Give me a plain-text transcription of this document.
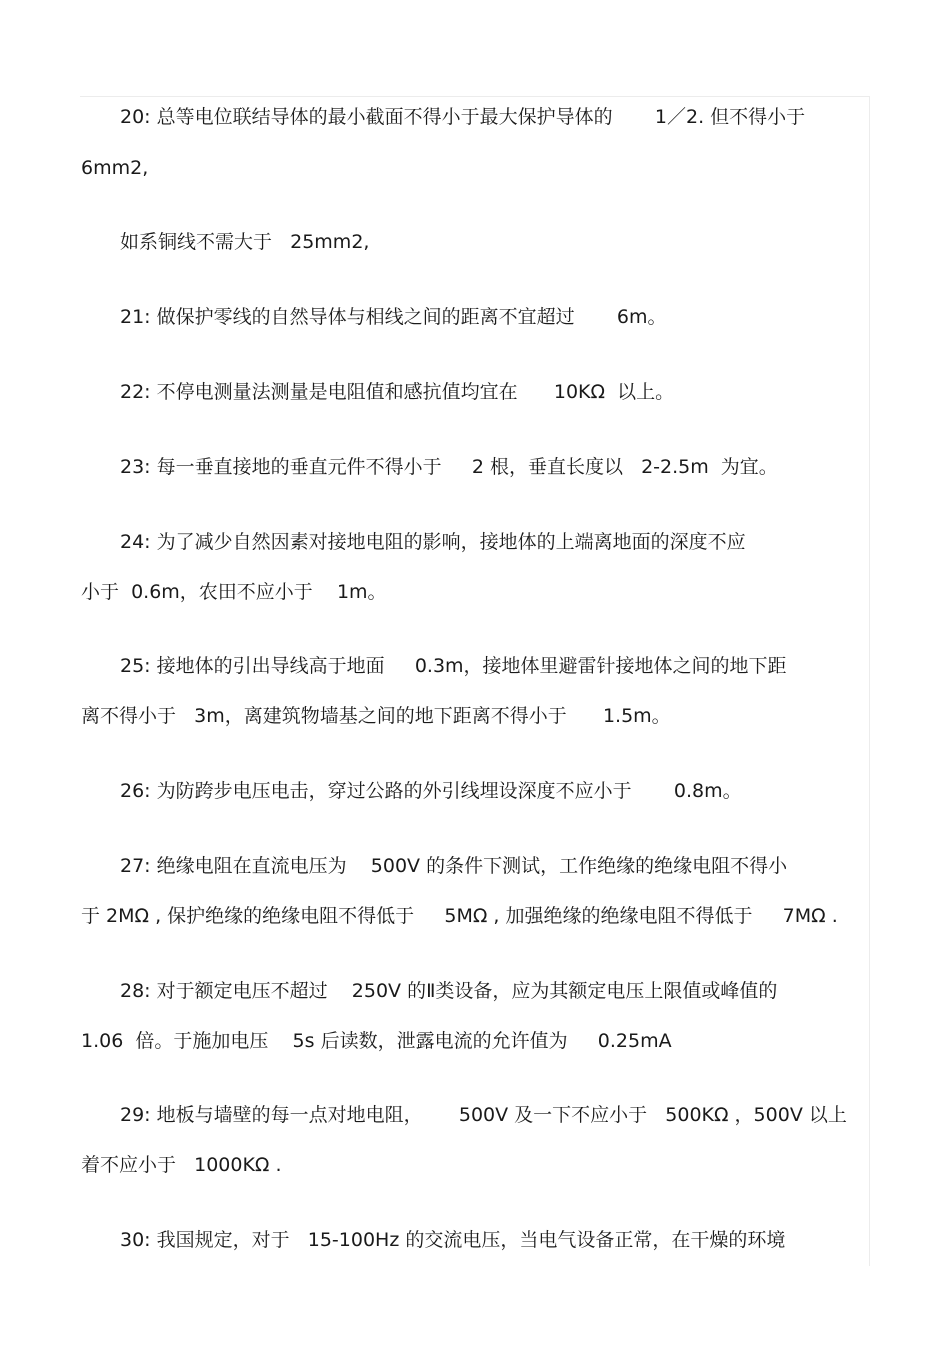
20: 总等电位联结导体的最小截面不得小于最大保护导体的       1／2. 但不得小于
6mm2,
如系铜线不需大于   25mm2,
21: 做保护零线的自然导体与相线之间的距离不宜超过       6m。
22: 不停电测量法测量是电阻值和感抗值均宜在      10KΩ  以上。
23: 每一垂直接地的垂直元件不得小于     2 根，垂直长度以   2-2.5m  为宜。
24: 为了减少自然因素对接地电阻的影响，接地体的上端离地面的深度不应
小于  0.6m，农田不应小于    1m。
25: 接地体的引出导线高于地面     0.3m，接地体里避雷针接地体之间的地下距
离不得小于   3m，离建筑物墙基之间的地下距离不得小于      1.5m。
26: 为防跨步电压电击，穿过公路的外引线埋设深度不应小于       0.8m。
27: 绝缘电阻在直流电压为    500V 的条件下测试，工作绝缘的绝缘电阻不得小
于 2MΩ , 保护绝缘的绝缘电阻不得低于     5MΩ , 加强绝缘的绝缘电阻不得低于     7MΩ .
28: 对于额定电压不超过    250V 的Ⅱ类设备，应为其额定电压上限值或峰值的
1.06  倍。于施加电压    5s 后读数，泄露电流的允许值为     0.25mA
29: 地板与墙壁的每一点对地电阻，      500V 及一下不应小于   500KΩ ，500V 以上
着不应小于   1000KΩ .
30: 我国规定，对于   15-100Hz 的交流电压，当电气设备正常，在干燥的环境
